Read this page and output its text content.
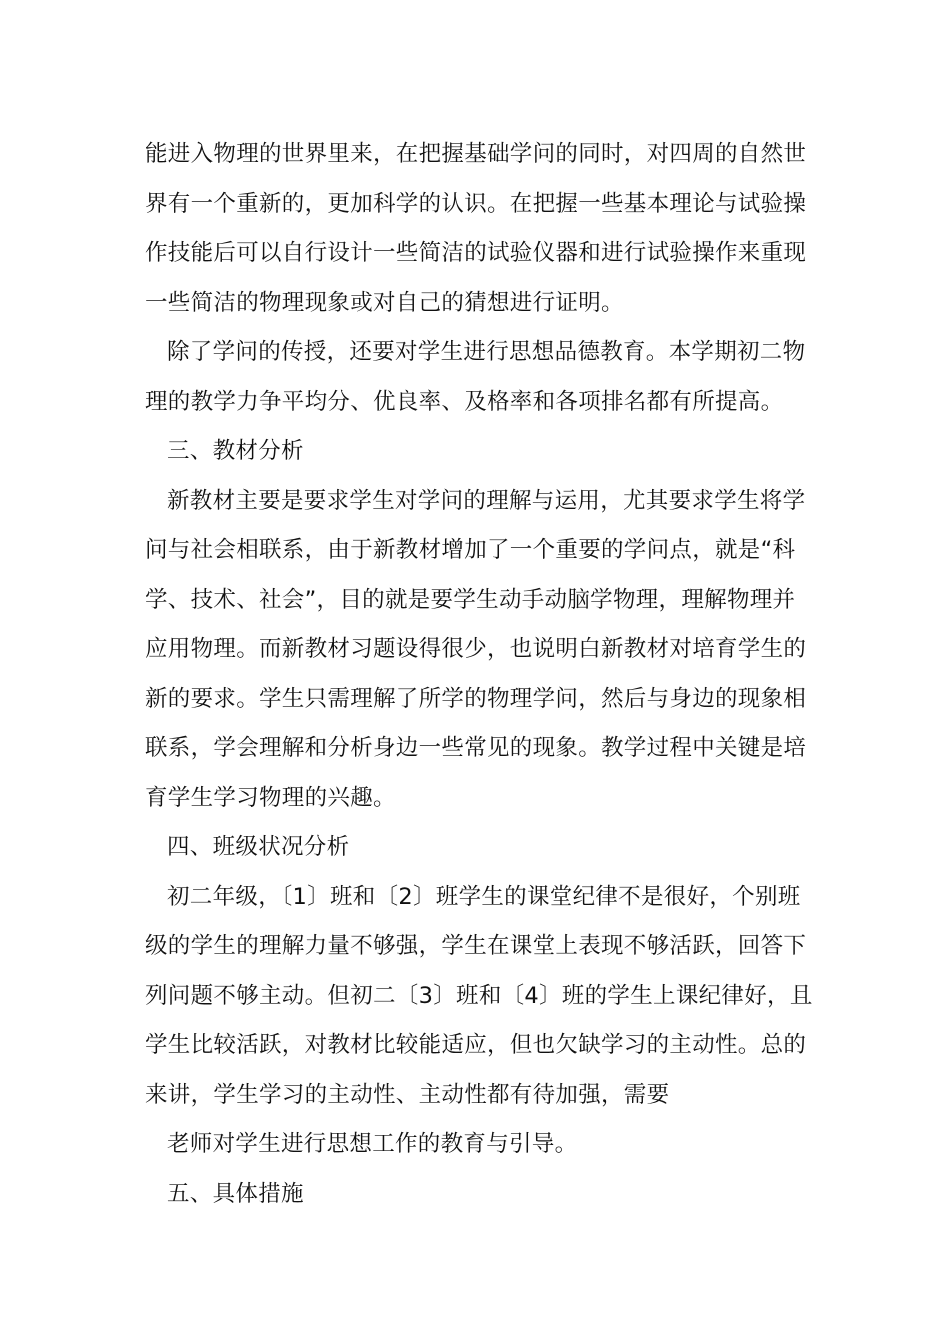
能进入物理的世界里来，在把握基础学问的同时，对四周的自然世
界有一个重新的，更加科学的认识。在把握一些基本理论与试验操
作技能后可以自行设计一些简洁的试验仪器和进行试验操作来重现
一些简洁的物理现象或对自己的猜想进行证明。
除了学问的传授，还要对学生进行思想品德教育。本学期初二物
理的教学力争平均分、优良率、及格率和各项排名都有所提高。
三、教材分析
新教材主要是要求学生对学问的理解与运用，尤其要求学生将学
问与社会相联系，由于新教材增加了一个重要的学问点，就是“科
学、技术、社会”，目的就是要学生动手动脑学物理，理解物理并
应用物理。而新教材习题设得很少，也说明白新教材对培育学生的
新的要求。学生只需理解了所学的物理学问，然后与身边的现象相
联系，学会理解和分析身边一些常见的现象。教学过程中关键是培
育学生学习物理的兴趣。
四、班级状况分析
初二年级，〔1〕班和〔2〕班学生的课堂纪律不是很好，个别班
级的学生的理解力量不够强，学生在课堂上表现不够活跃，回答下
列问题不够主动。但初二〔3〕班和〔4〕班的学生上课纪律好，且
学生比较活跃，对教材比较能适应，但也欠缺学习的主动性。总的
来讲，学生学习的主动性、主动性都有待加强，需要
老师对学生进行思想工作的教育与引导。
五、具体措施
